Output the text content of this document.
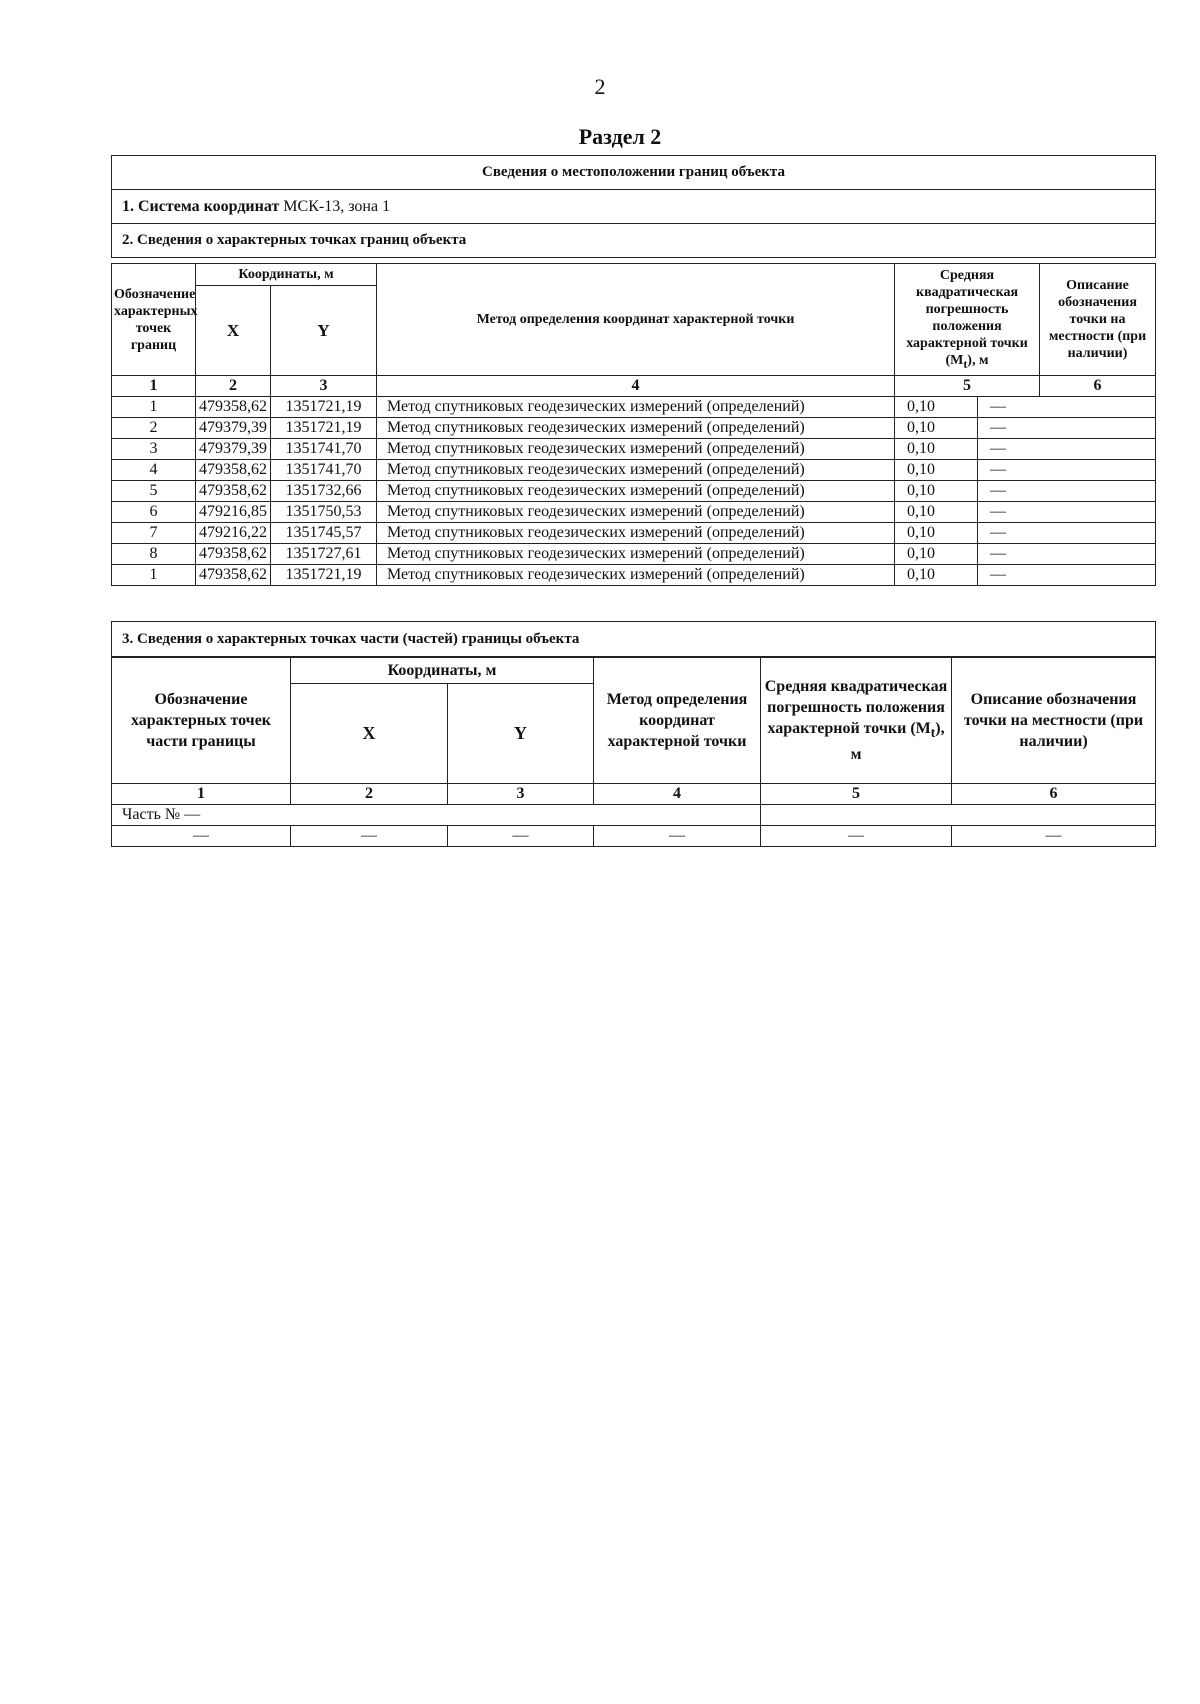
2
Раздел 2
Сведения о местоположении границ объекта
1. Система координат МСК-13, зона 1
2. Сведения о характерных точках границ объекта
Обозначение характерных точек границ	Координаты, м		Метод определения координат характерной точки	Средняя квадратическая погрешность положения характерной точки $(M_t)$, м		Описание обозначения точки на местности (при наличии)
	X	Y				
1	2	3	4	5		6
1	479358,62	1351721,19	Метод спутниковых геодезических измерений (определений)	0,10	—	
2	479379,39	1351721,19	Метод спутниковых геодезических измерений (определений)	0,10	—	
3	479379,39	1351741,70	Метод спутниковых геодезических измерений (определений)	0,10	—	
4	479358,62	1351741,70	Метод спутниковых геодезических измерений (определений)	0,10	—	
5	479358,62	1351732,66	Метод спутниковых геодезических измерений (определений)	0,10	—	
6	479216,85	1351750,53	Метод спутниковых геодезических измерений (определений)	0,10	—	
7	479216,22	1351745,57	Метод спутниковых геодезических измерений (определений)	0,10	—	
8	479358,62	1351727,61	Метод спутниковых геодезических измерений (определений)	0,10	—	
1	479358,62	1351721,19	Метод спутниковых геодезических измерений (определений)	0,10	—	
3. Сведения о характерных точках части (частей) границы объекта
Обозначение характерных точек части границы	Координаты, м		Метод определения координат характерной точки	Средняя квадратическая погрешность положения характерной точки $(M_t)$, м	Описание обозначения точки на местности (при наличии)
	X	Y			
1	2	3	4	5	6
Часть № —					
—	—	—	—	—	—
